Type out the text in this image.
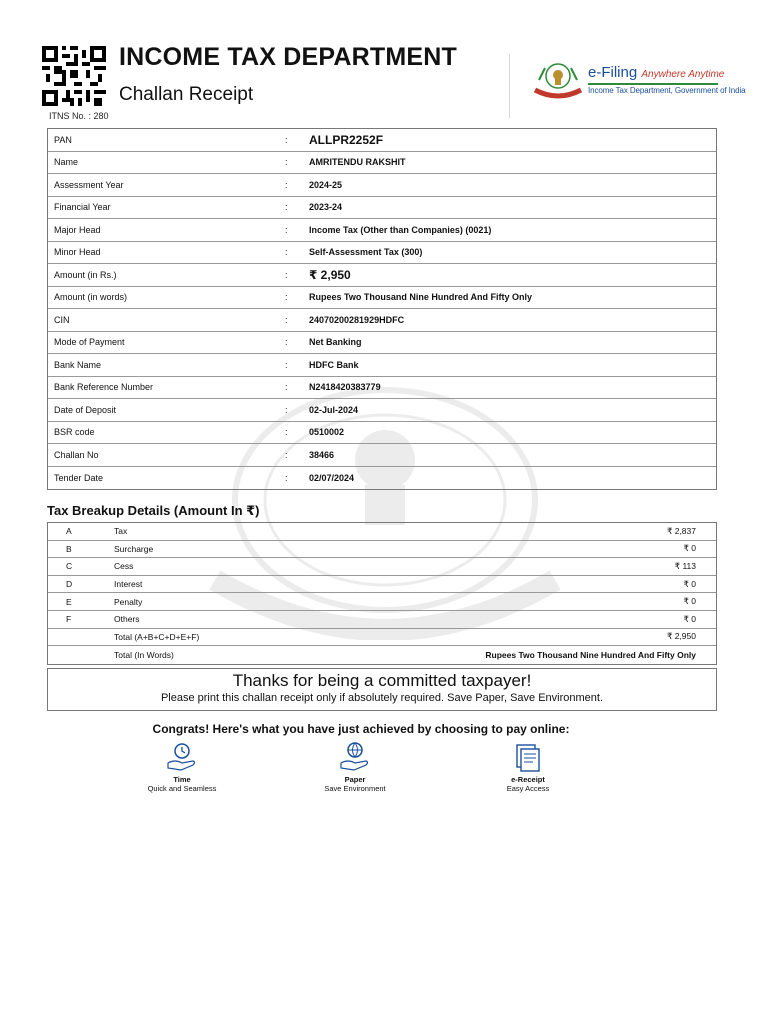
ITNS No. : 280
INCOME TAX DEPARTMENT
Challan Receipt
e-Filing Anywhere Anytime
Income Tax Department, Government of India
PAN	:	ALLPR2252F
Name	:	AMRITENDU RAKSHIT
Assessment Year	:	2024-25
Financial Year	:	2023-24
Major Head	:	Income Tax (Other than Companies) (0021)
Minor Head	:	Self-Assessment Tax (300)
Amount (in Rs.)	:	₹ 2,950
Amount (in words)	:	Rupees Two Thousand Nine Hundred And Fifty Only
CIN	:	24070200281929HDFC
Mode of Payment	:	Net Banking
Bank Name	:	HDFC Bank
Bank Reference Number	:	N2418420383779
Date of Deposit	:	02-Jul-2024
BSR code	:	0510002
Challan No	:	38466
Tender Date	:	02/07/2024
Tax Breakup Details (Amount In ₹)
A	Tax	₹ 2,837
B	Surcharge	₹ 0
C	Cess	₹ 113
D	Interest	₹ 0
E	Penalty	₹ 0
F	Others	₹ 0
Total (A+B+C+D+E+F)	₹ 2,950
Total (In Words)	Rupees Two Thousand Nine Hundred And Fifty Only
Thanks for being a committed taxpayer!
Please print this challan receipt only if absolutely required. Save Paper, Save Environment.
Congrats! Here's what you have just achieved by choosing to pay online:
Time
Quick and Seamless
Paper
Save Environment
e-Receipt
Easy Access
